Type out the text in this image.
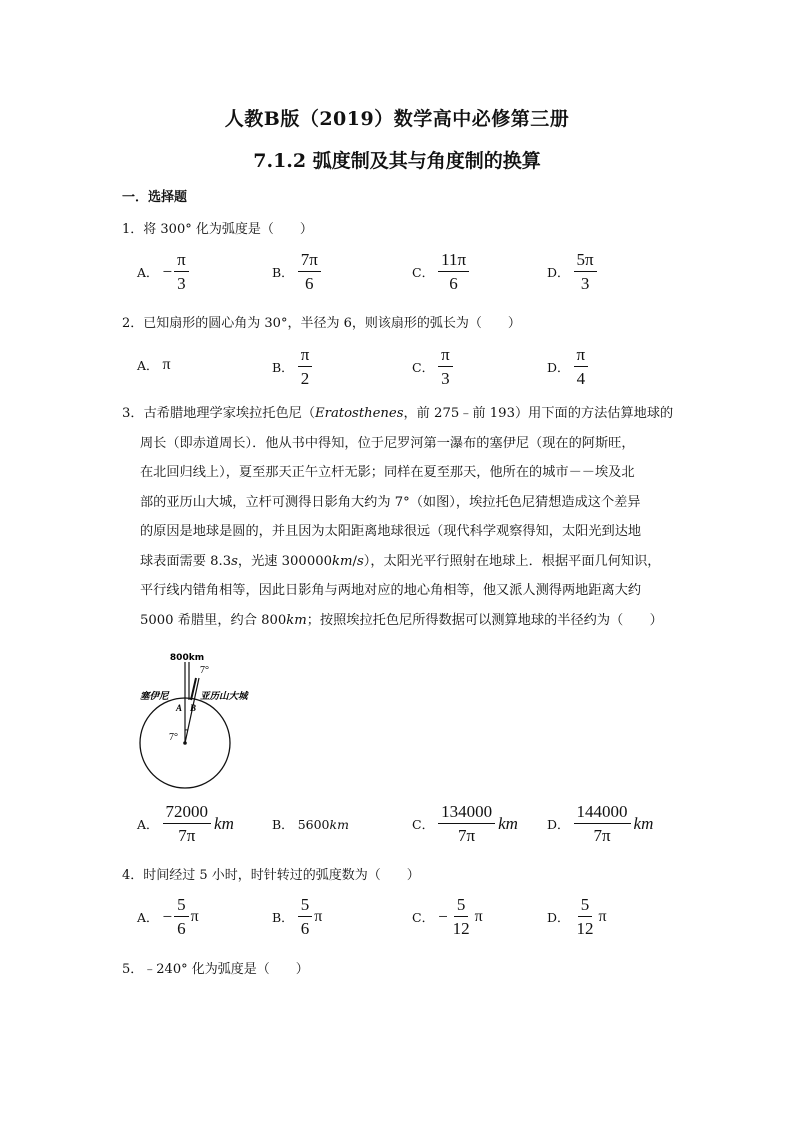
人教B版（2019）数学高中必修第三册
7.1.2 弧度制及其与角度制的换算
一．选择题
1．将 300° 化为弧度是（　　）
A． − $\frac{\pi}{3}$	B． $\frac{7\pi}{6}$	C． $\frac{11\pi}{6}$	D． $\frac{5\pi}{3}$
2．已知扇形的圆心角为 30°，半径为 6，则该扇形的弧长为（　　）
A． π	B． $\frac{\pi}{2}$	C． $\frac{\pi}{3}$	D． $\frac{\pi}{4}$
3．古希腊地理学家埃拉托色尼（Eratosthenes，前 275﹣前 193）用下面的方法估算地球的
周长（即赤道周长）．他从书中得知，位于尼罗河第一瀑布的塞伊尼（现在的阿斯旺，
在北回归线上），夏至那天正午立杆无影；同样在夏至那天，他所在的城市－－埃及北
部的亚历山大城，立杆可测得日影角大约为 7°（如图），埃拉托色尼猜想造成这个差异
的原因是地球是圆的，并且因为太阳距离地球很远（现代科学观察得知，太阳光到达地
球表面需要 8.3s，光速 300000km/s），太阳光平行照射在地球上．根据平面几何知识，
平行线内错角相等，因此日影角与两地对应的地心角相等，他又派人测得两地距离大约
5000 希腊里，约合 800km；按照埃拉托色尼所得数据可以测算地球的半径约为（　　）
800km
7°
塞伊尼	亚历山大城
A B
7°
A． $\frac{72000}{7\pi}$ km	B． 5600 km	C． $\frac{134000}{7\pi}$ km D． $\frac{144000}{7\pi}$ km
4．时间经过 5 小时，时针转过的弧度数为（　　）
A． − $\frac{5}{6}$ π	B． $\frac{5}{6}$ π	C． − $\frac{5}{12}$ π	D． $\frac{5}{12}$ π
5．﹣240° 化为弧度是（　　）
